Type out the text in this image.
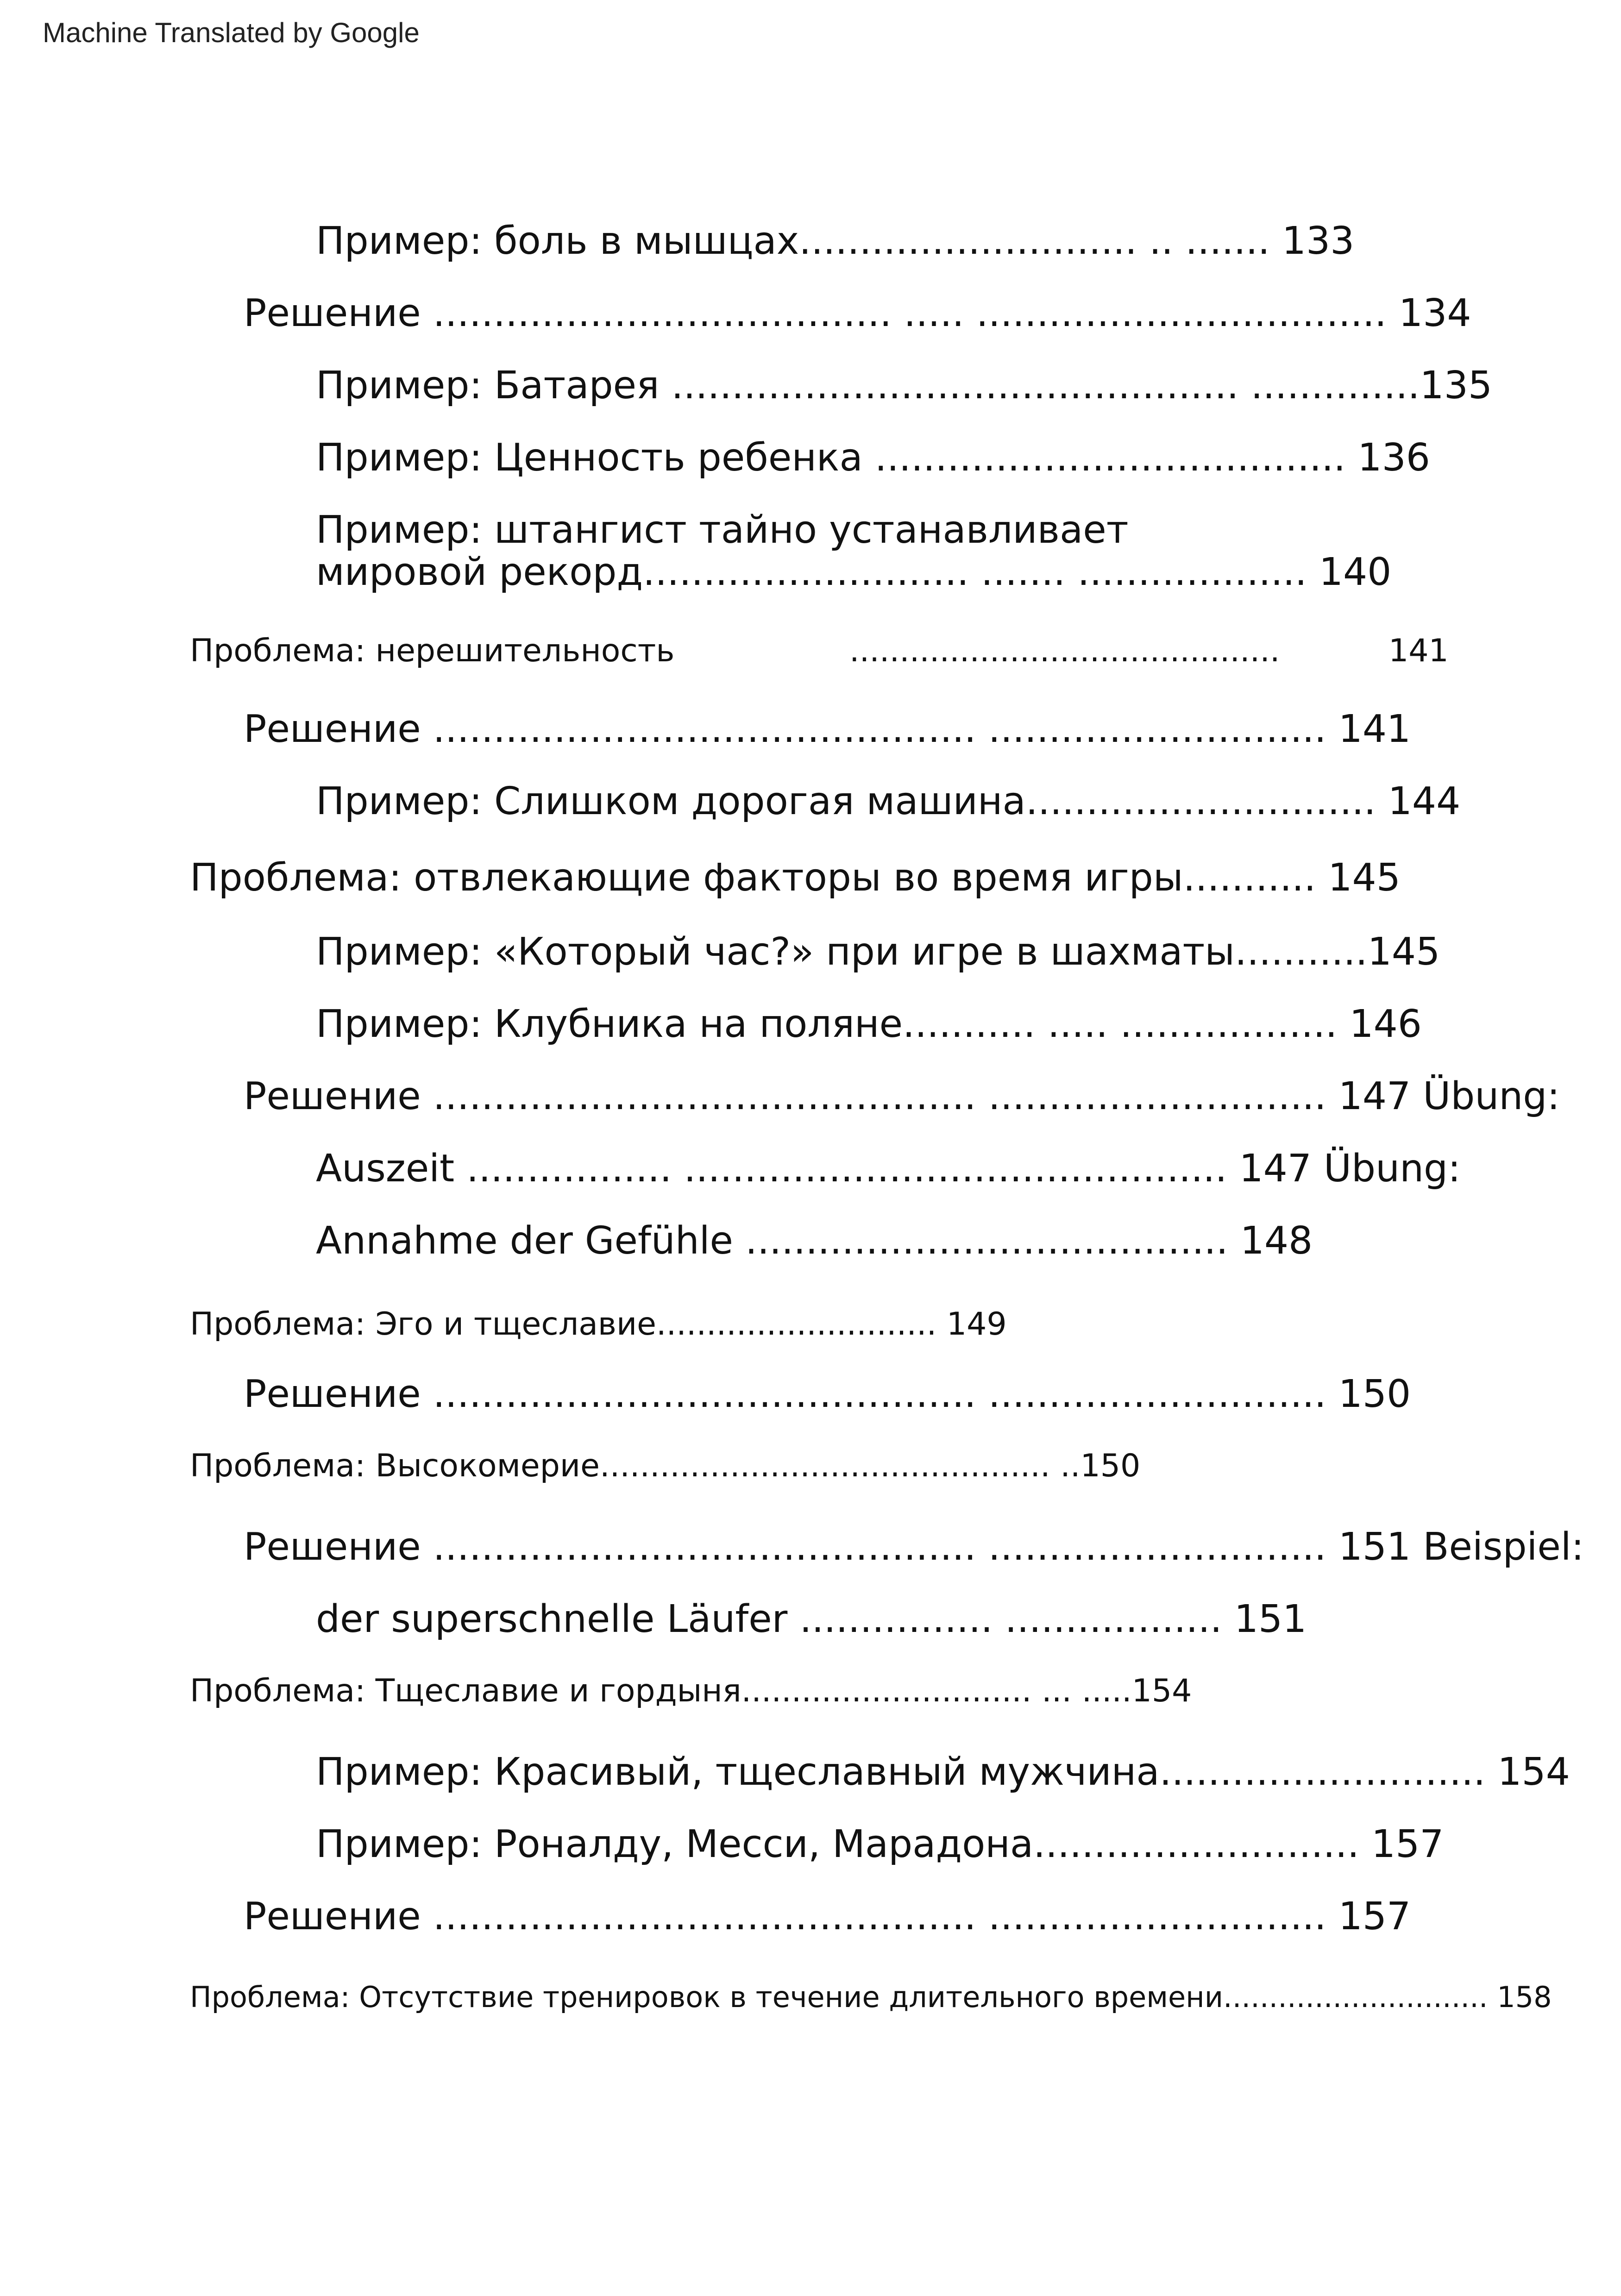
Machine Translated by Google
Пример: боль в мышцах............................ .. ....... 133
Решение ...................................... ..... .................................. 134
Пример: Батарея ............................................... ..............135
Пример: Ценность ребенка ....................................... 136
Пример: штангист тайно устанавливает
мировой рекорд........................... ....... ................... 140
Проблема: нерешительность	...........................................	141
Решение ............................................. ............................ 141
Пример: Слишком дорогая машина............................. 144
Проблема: отвлекающие факторы во время игры........... 145
Пример: «Который час?» при игре в шахматы...........145
Пример: Клубника на поляне........... ..... .................. 146
Решение ............................................. ............................ 147 Übung:
Auszeit ................. ............................................. 147 Übung:
Annahme der Gefühle ........................................ 148
Проблема: Эго и тщеславие............................ 149
Решение ............................................. ............................ 150
Проблема: Высокомерие............................................. ..150
Решение ............................................. ............................ 151 Beispiel:
der superschnelle Läufer ................ .................. 151
Проблема: Тщеславие и гордыня............................. ... .....154
Пример: Красивый, тщеславный мужчина........................... 154
Пример: Роналду, Месси, Марадона........................... 157
Решение ............................................. ............................ 157
Проблема: Отсутствие тренировок в течение длительного времени............................. 158
